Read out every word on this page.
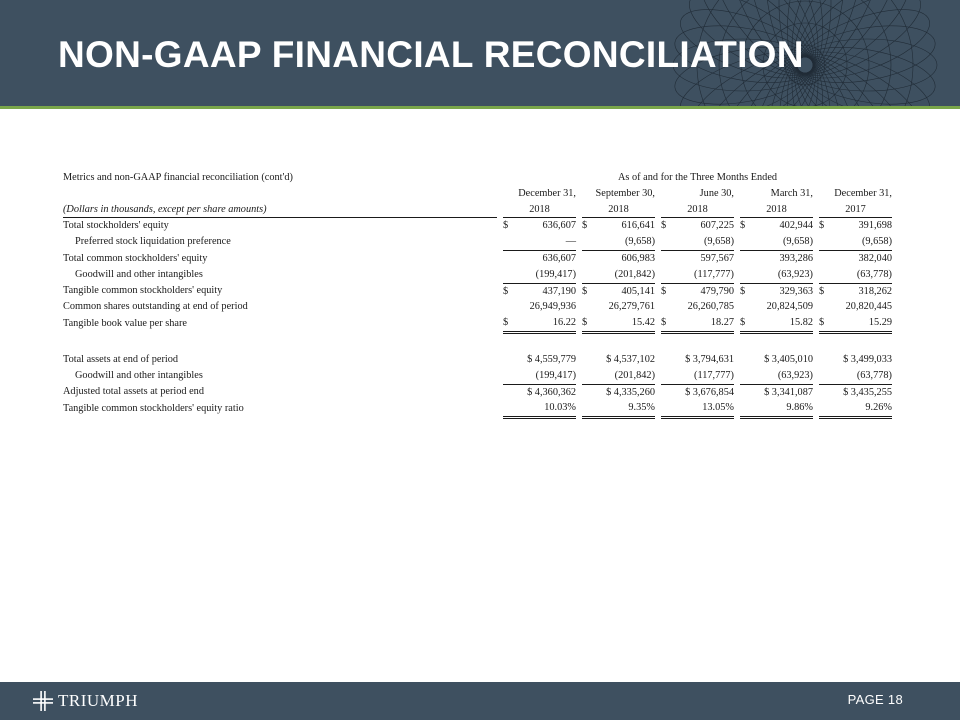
NON-GAAP FINANCIAL RECONCILIATION
Metrics and non-GAAP financial reconciliation (cont'd)		As of and for the Three Months Ended								
		December 31,		September 30,		June 30,		March 31,		December 31,
(Dollars in thousands, except per share amounts)		2018		2018		2018		2018		2017
Total stockholders' equity		$ 636,607		$ 616,641		$ 607,225		$ 402,944		$ 391,698
Preferred stock liquidation preference		—		(9,658)		(9,658)		(9,658)		(9,658)
Total common stockholders' equity		636,607		606,983		597,567		393,286		382,040
Goodwill and other intangibles		(199,417)		(201,842)		(117,777)		(63,923)		(63,778)
Tangible common stockholders' equity		$ 437,190		$ 405,141		$ 479,790		$ 329,363		$ 318,262
Common shares outstanding at end of period		26,949,936		26,279,761		26,260,785		20,824,509		20,820,445
Tangible book value per share		$ 16.22		$ 15.42		$ 18.27		$ 15.82		$ 15.29

Total assets at end of period		$ 4,559,779		$ 4,537,102		$ 3,794,631		$ 3,405,010		$ 3,499,033
Goodwill and other intangibles		(199,417)		(201,842)		(117,777)		(63,923)		(63,778)
Adjusted total assets at period end		$ 4,360,362		$ 4,335,260		$ 3,676,854		$ 3,341,087		$ 3,435,255
Tangible common stockholders' equity ratio		10.03%		9.35%		13.05%		9.86%		9.26%
TRIUMPH	PAGE 18
